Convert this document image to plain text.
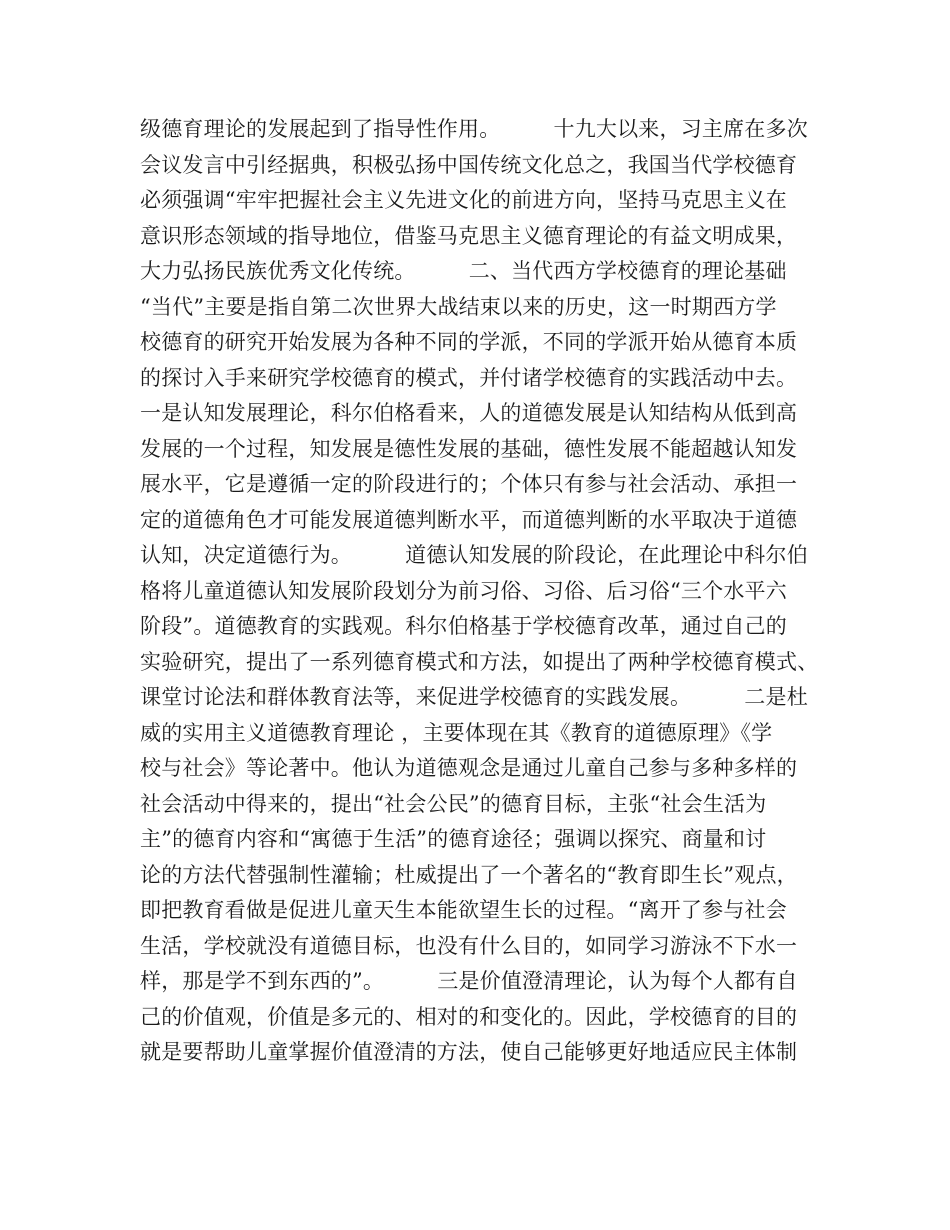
级德育理论的发展起到了指导性作用。　　　十九大以来，习主席在多次
会议发言中引经据典，积极弘扬中国传统文化总之，我国当代学校德育
必须强调“牢牢把握社会主义先进文化的前进方向，坚持马克思主义在
意识形态领域的指导地位，借鉴马克思主义德育理论的有益文明成果，
大力弘扬民族优秀文化传统。　　　二、当代西方学校德育的理论基础
“当代”主要是指自第二次世界大战结束以来的历史，这一时期西方学
校德育的研究开始发展为各种不同的学派，不同的学派开始从德育本质
的探讨入手来研究学校德育的模式，并付诸学校德育的实践活动中去。
一是认知发展理论，科尔伯格看来，人的道德发展是认知结构从低到高
发展的一个过程，知发展是德性发展的基础，德性发展不能超越认知发
展水平，它是遵循一定的阶段进行的；个体只有参与社会活动、承担一
定的道德角色才可能发展道德判断水平，而道德判断的水平取决于道德
认知，决定道德行为。　　　道德认知发展的阶段论，在此理论中科尔伯
格将儿童道德认知发展阶段划分为前习俗、习俗、后习俗“三个水平六
阶段”。道德教育的实践观。科尔伯格基于学校德育改革，通过自己的
实验研究，提出了一系列德育模式和方法，如提出了两种学校德育模式、
课堂讨论法和群体教育法等，来促进学校德育的实践发展。　　　二是杜
威的实用主义道德教育理论 ，主要体现在其《教育的道德原理》《学
校与社会》等论著中。他认为道德观念是通过儿童自己参与多种多样的
社会活动中得来的，提出“社会公民”的德育目标，主张“社会生活为
主”的德育内容和“寓德于生活”的德育途径；强调以探究、商量和讨
论的方法代替强制性灌输；杜威提出了一个著名的“教育即生长”观点，
即把教育看做是促进儿童天生本能欲望生长的过程。“离开了参与社会
生活，学校就没有道德目标，也没有什么目的，如同学习游泳不下水一
样，那是学不到东西的”。　　　三是价值澄清理论，认为每个人都有自
己的价值观，价值是多元的、相对的和变化的。因此，学校德育的目的
就是要帮助儿童掌握价值澄清的方法，使自己能够更好地适应民主体制
